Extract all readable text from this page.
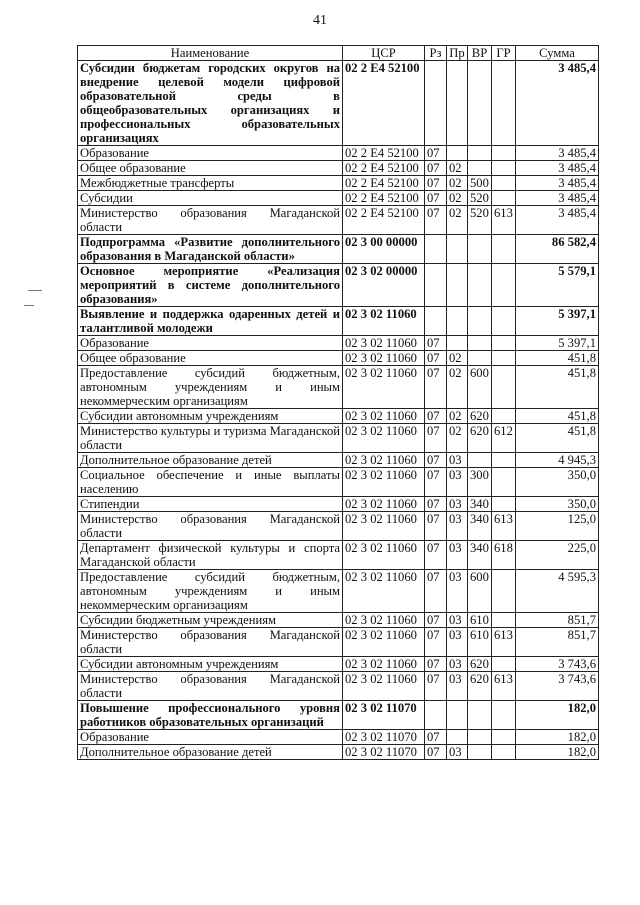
41
Наименование	ЦСР	Рз	Пр	ВР	ГР	Сумма
Субсидии бюджетам городских округов на внедрение целевой модели цифровой образовательной среды в общеобразовательных организациях и профессиональных образовательных организациях	02 2 E4 52100					3 485,4
Образование	02 2 E4 52100	07				3 485,4
Общее образование	02 2 E4 52100	07	02			3 485,4
Межбюджетные трансферты	02 2 E4 52100	07	02	500		3 485,4
Субсидии	02 2 E4 52100	07	02	520		3 485,4
Министерство образования Магаданской области	02 2 E4 52100	07	02	520	613	3 485,4
Подпрограмма «Развитие дополнительного образования в Магаданской области»	02 3 00 00000					86 582,4
Основное мероприятие «Реализация мероприятий в системе дополнительного образования»	02 3 02 00000					5 579,1
Выявление и поддержка одаренных детей и талантливой молодежи	02 3 02 11060					5 397,1
Образование	02 3 02 11060	07				5 397,1
Общее образование	02 3 02 11060	07	02			451,8
Предоставление субсидий бюджетным, автономным учреждениям и иным некоммерческим организациям	02 3 02 11060	07	02	600		451,8
Субсидии автономным учреждениям	02 3 02 11060	07	02	620		451,8
Министерство культуры и туризма Магаданской области	02 3 02 11060	07	02	620	612	451,8
Дополнительное образование детей	02 3 02 11060	07	03			4 945,3
Социальное обеспечение и иные выплаты населению	02 3 02 11060	07	03	300		350,0
Стипендии	02 3 02 11060	07	03	340		350,0
Министерство образования Магаданской области	02 3 02 11060	07	03	340	613	125,0
Департамент физической культуры и спорта Магаданской области	02 3 02 11060	07	03	340	618	225,0
Предоставление субсидий бюджетным, автономным учреждениям и иным некоммерческим организациям	02 3 02 11060	07	03	600		4 595,3
Субсидии бюджетным учреждениям	02 3 02 11060	07	03	610		851,7
Министерство образования Магаданской области	02 3 02 11060	07	03	610	613	851,7
Субсидии автономным учреждениям	02 3 02 11060	07	03	620		3 743,6
Министерство образования Магаданской области	02 3 02 11060	07	03	620	613	3 743,6
Повышение профессионального уровня работников образовательных организаций	02 3 02 11070					182,0
Образование	02 3 02 11070	07				182,0
Дополнительное образование детей	02 3 02 11070	07	03			182,0
